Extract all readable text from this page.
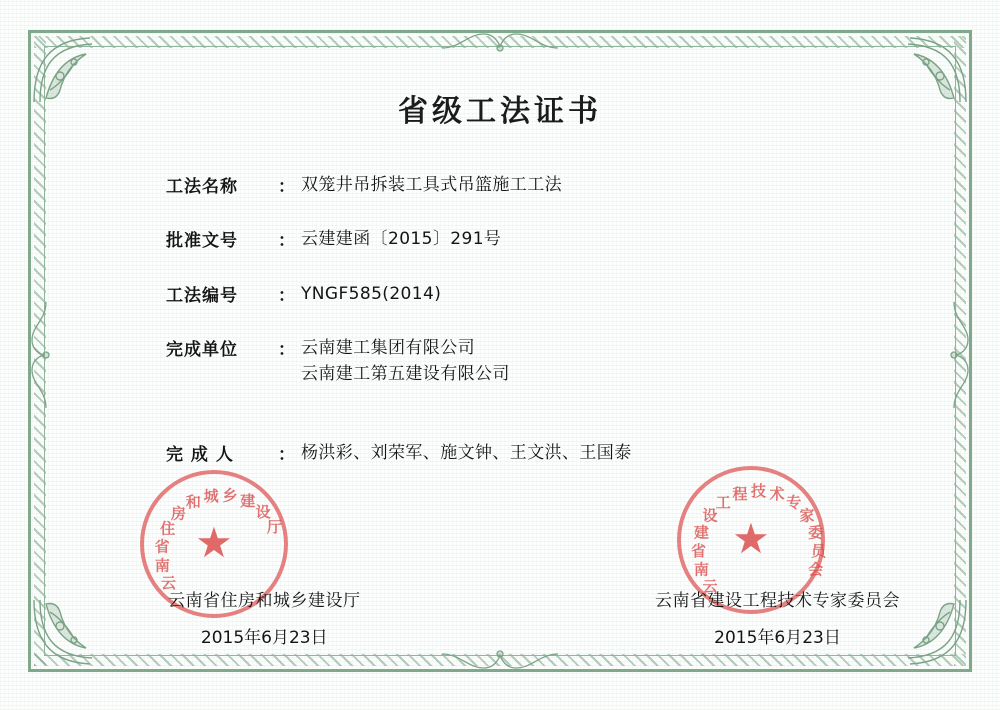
省级工法证书
工法名称	： 双笼井吊拆装工具式吊篮施工工法
批准文号	： 云建建函〔2015〕291号
工法编号	： YNGF585(2014)
完成单位	： 云南建工集团有限公司
云南建工第五建设有限公司
完 成 人	： 杨洪彩、刘荣军、施文钟、王文洪、王国泰
云
南
省
住
房
和 城 乡 建
设
厅
★
云
南
省
建
设
工 程 技 术 专
家
委
员
会
★
云南省住房和城乡建设厅
2015年6月23日
云南省建设工程技术专家委员会
2015年6月23日
